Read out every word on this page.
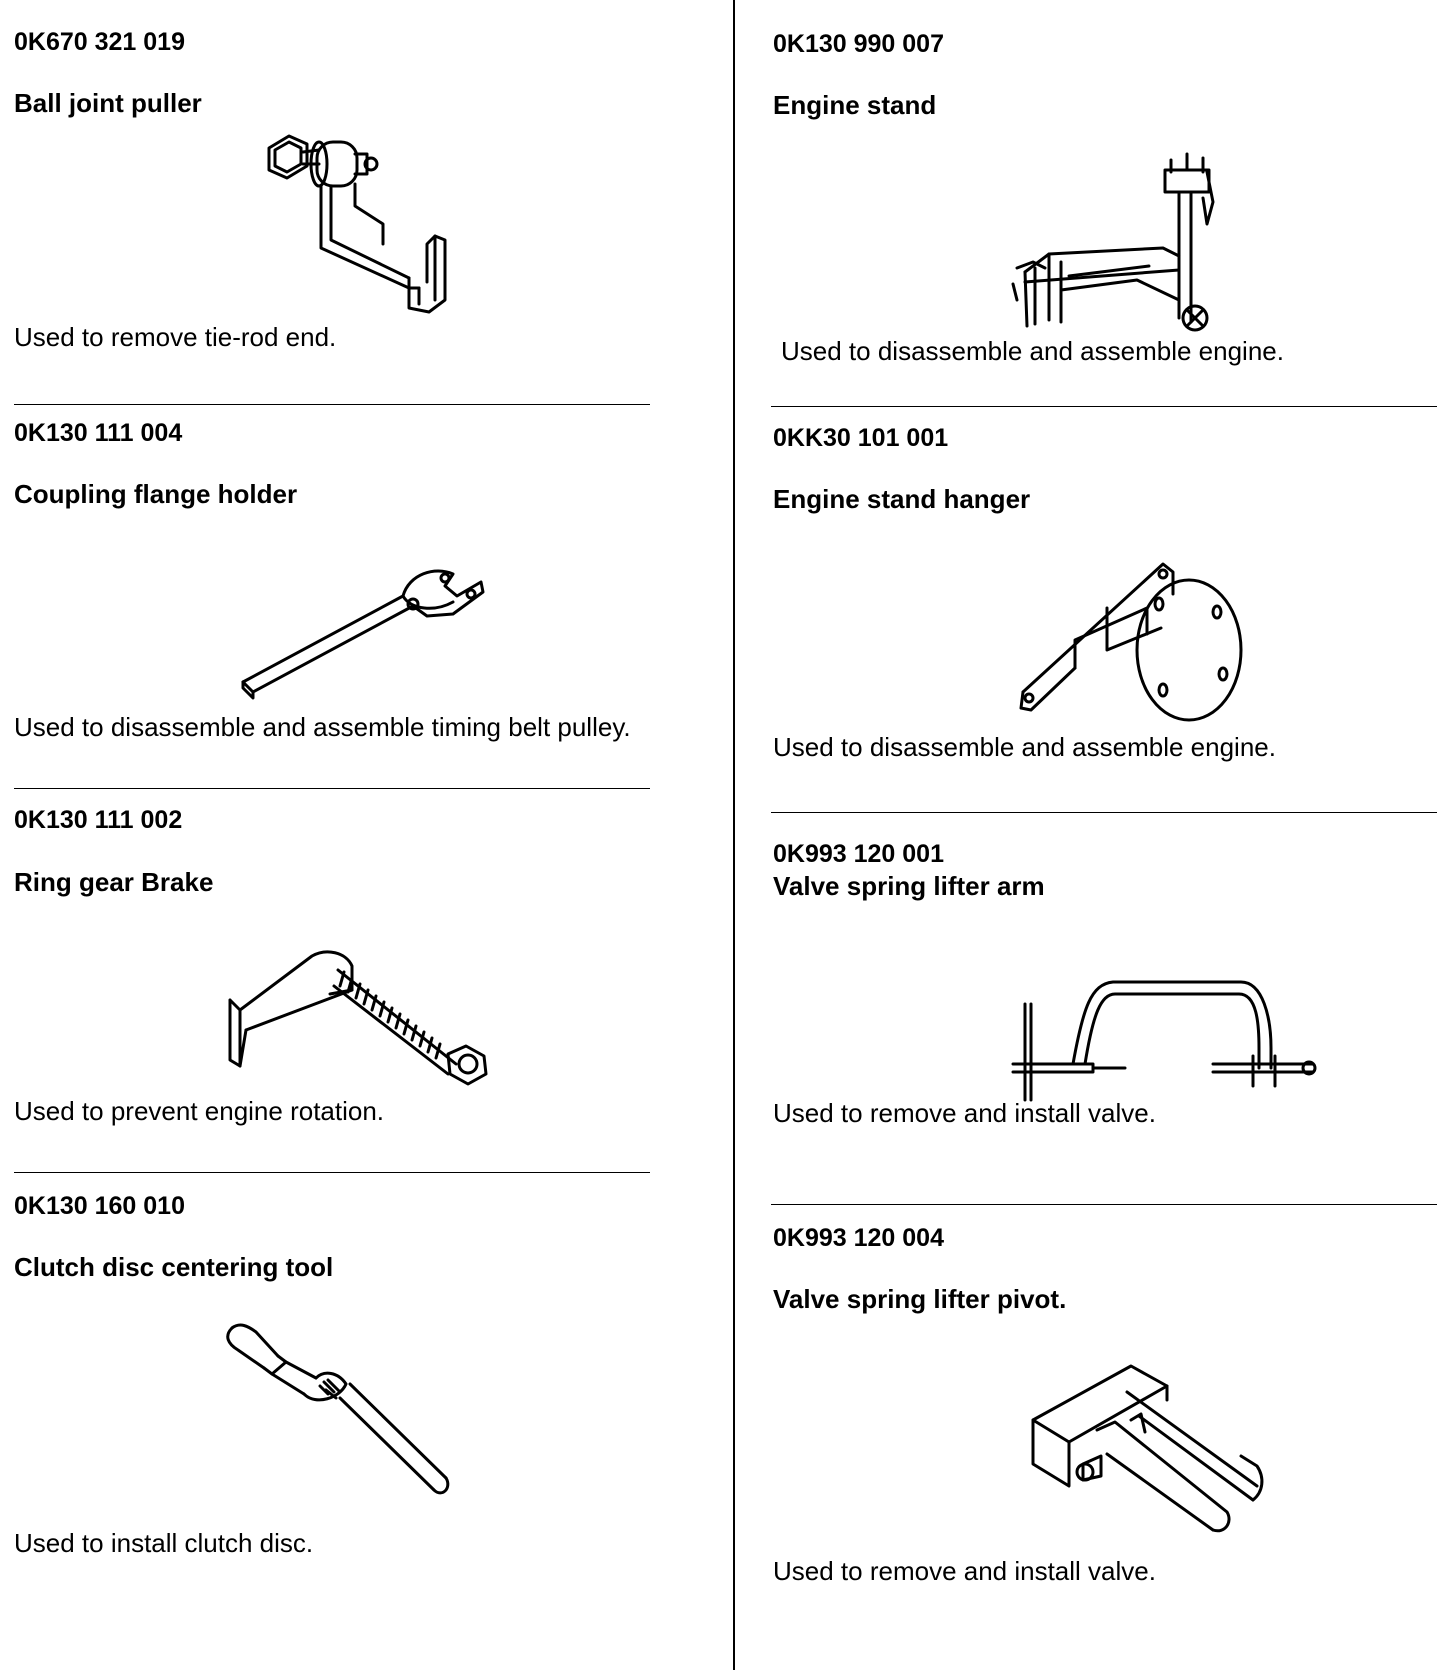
0K670 321 019
Ball joint puller
Used to remove tie-rod end.
0K130 111 004
Coupling flange holder
Used to disassemble and assemble timing belt pulley.
0K130 111 002
Ring gear Brake
Used to prevent engine rotation.
0K130 160 010
Clutch disc centering tool
Used to install clutch disc.
0K130 990 007
Engine stand
Used to disassemble and assemble engine.
0KK30 101 001
Engine stand hanger
Used to disassemble and assemble engine.
0K993 120 001
Valve spring lifter arm
Used to remove and install valve.
0K993 120 004
Valve spring lifter pivot.
Used to remove and install valve.
